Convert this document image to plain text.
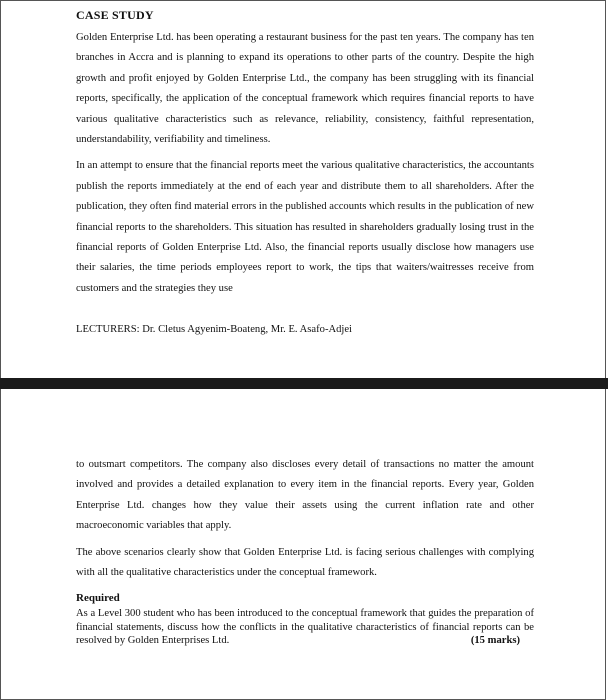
CASE STUDY

Golden Enterprise Ltd. has been operating a restaurant business for the past ten years. The company has ten branches in Accra and is planning to expand its operations to other parts of the country. Despite the high growth and profit enjoyed by Golden Enterprise Ltd., the company has been struggling with its financial reports, specifically, the application of the conceptual framework which requires financial reports to have various qualitative characteristics such as relevance, reliability, consistency, faithful representation, understandability, verifiability and timeliness.

In an attempt to ensure that the financial reports meet the various qualitative characteristics, the accountants publish the reports immediately at the end of each year and distribute them to all shareholders. After the publication, they often find material errors in the published accounts which results in the publication of new financial reports to the shareholders. This situation has resulted in shareholders gradually losing trust in the financial reports of Golden Enterprise Ltd. Also, the financial reports usually disclose how managers use their salaries, the time periods employees report to work, the tips that waiters/waitresses receive from customers and the strategies they use

LECTURERS: Dr. Cletus Agyenim-Boateng, Mr. E. Asafo-Adjei

to outsmart competitors. The company also discloses every detail of transactions no matter the amount involved and provides a detailed explanation to every item in the financial reports. Every year, Golden Enterprise Ltd. changes how they value their assets using the current inflation rate and other macroeconomic variables that apply.

The above scenarios clearly show that Golden Enterprise Ltd. is facing serious challenges with complying with all the qualitative characteristics under the conceptual framework.

Required

As a Level 300 student who has been introduced to the conceptual framework that guides the preparation of financial statements, discuss how the conflicts in the qualitative characteristics of financial reports can be resolved by Golden Enterprises Ltd.	(15 marks)
